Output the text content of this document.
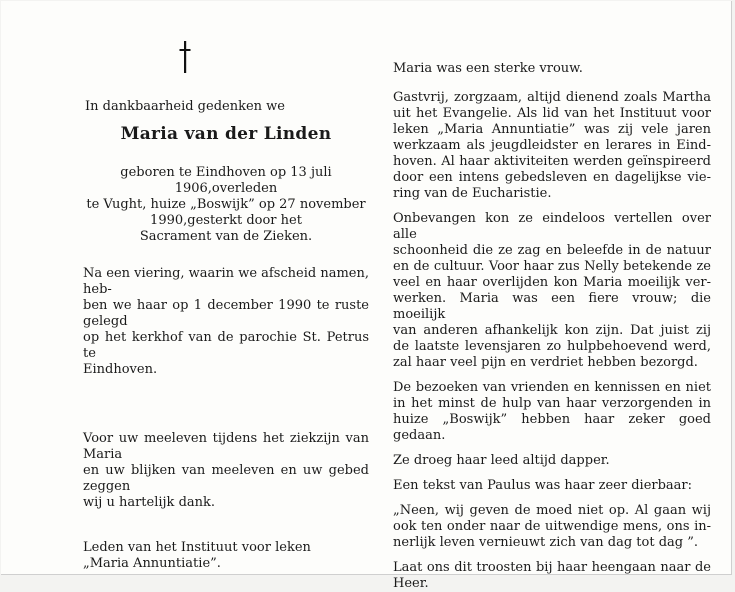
In dankbaarheid gedenken we

Maria van der Linden

geboren te Eindhoven op 13 juli 1906,overleden

te Vught, huize „Boswijk” op 27 november

1990,gesterkt door het

Sacrament van de Zieken.

Na een viering, waarin we afscheid namen, heb-
ben we haar op 1 december 1990 te ruste gelegd
op het kerkhof van de parochie St. Petrus te
Eindhoven.
Voor uw meeleven tijdens het ziekzijn van Maria
en uw blijken van meeleven en uw gebed zeggen
wij u hartelijk dank.
Leden van het Instituut voor leken
„Maria Annuntiatie”.
Maria was een sterke vrouw.
Gastvrij, zorgzaam, altijd dienend zoals Martha
uit het Evangelie. Als lid van het Instituut voor
leken „Maria Annuntiatie” was zij vele jaren
werkzaam als jeugdleidster en lerares in Eind-
hoven. Al haar aktiviteiten werden geïnspireerd
door een intens gebedsleven en dagelijkse vie-
ring van de Eucharistie.
Onbevangen kon ze eindeloos vertellen over alle
schoonheid die ze zag en beleefde in de natuur
en de cultuur. Voor haar zus Nelly betekende ze
veel en haar overlijden kon Maria moeilijk ver-
werken. Maria was een fiere vrouw; die moeilijk
van anderen afhankelijk kon zijn. Dat juist zij
de laatste levensjaren zo hulpbehoevend werd,
zal haar veel pijn en verdriet hebben bezorgd.
De bezoeken van vrienden en kennissen en niet
in het minst de hulp van haar verzorgenden in
huize „Boswijk” hebben haar zeker goed gedaan.
Ze droeg haar leed altijd dapper.
Een tekst van Paulus was haar zeer dierbaar:
„Neen, wij geven de moed niet op. Al gaan wij
ook ten onder naar de uitwendige mens, ons in-
nerlijk leven vernieuwt zich van dag tot dag ”.
Laat ons dit troosten bij haar heengaan naar de
Heer.
